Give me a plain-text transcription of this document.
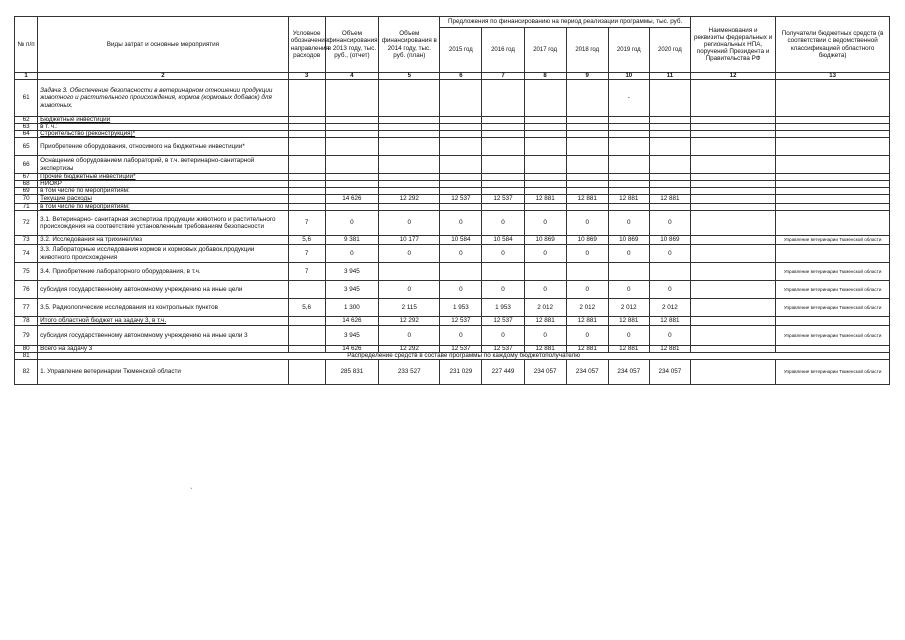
№ п/п	Виды затрат и основные мероприятия	Условное обозначение направления расходов	Объем финансирования в 2013 году, тыс. руб., (отчет)	Объем финансирования в 2014 году, тыс. руб. (план)	Предложения по финансированию на период реализации программы, тыс. руб.						Наименования и реквизиты федеральных и региональных НПА, поручений Президента и Правительства РФ	Получатели бюджетных средств (в соответствии с ведомственной классификацией областного бюджета)
					2015 год	2016 год	2017 год	2018 год	2019 год	2020 год		
1	2	3	4	5	6	7	8	9	10	11	12	13
61	Задача 3. Обеспечение безопасности в ветеринарном отношении продукции животного и растительного происхождения, кормов (кормовых добавок) для животных.								-			
62	Бюджетные инвестиции											
63	в т. ч.:											
64	Строительство (реконструкция)*											
65	Приобретение оборудования, относимого на бюджетные инвестиции*											
66	Оснащение оборудованием лабораторий, в т.ч. ветеринарно-санитарной экспертизы											
67	Прочие бюджетные инвестиции*											
68	НИОКР											
69	в том числе по мероприятиям:											
70	Текущие расходы		14 626	12 292	12 537	12 537	12 881	12 881	12 881	12 881		
71	в том числе по мероприятиям:											
72	3.1. Ветеринарно- санитарная экспертиза продукции животного и растительного происхождения на соответствие установленным требованиям безопасности	7	0	0	0	0	0	0	0	0		
73	3.2. Исследования на трихинеллез	5,6	9 381	10 177	10 584	10 584	10 869	10 869	10 869	10 869		Управление ветеринарии Тюменской области
74	3.3. Лабораторные исследования кормов и кормовых добавок,продукции животного происхождения	7	0	0	0	0	0	0	0	0		
75	3.4. Приобретение лабораторного оборудования, в т.ч.	7	3 945									Управление ветеринарии Тюменской области
76	субсидия государственному автономному учреждению на иные цели		3 945	0	0	0	0	0	0	0		Управление ветеринарии Тюменской области
77	3.5. Радиологические исследования из контрольных пунктов	5,6	1 300	2 115	1 953	1 953	2 012	2 012	2 012	2 012		Управление ветеринарии Тюменской области
78	Итого областной бюджет на задачу 3, в т.ч.		14 626	12 292	12 537	12 537	12 881	12 881	12 881	12 881		
79	субсидия государственному автономному учреждению на иные цели 3		3 945	0	0	0	0	0	0	0		Управление ветеринарии Тюменской области
80	Всего на задачу 3		14 626	12 292	12 537	12 537	12 881	12 881	12 881	12 881		
81	Распределение средств в составе программы по каждому бюджетополучателю											
82	1. Управление ветеринарии Тюменской области		285 831	233 527	231 029	227 449	234 057	234 057	234 057	234 057		Управление ветеринарии Тюменской области
`
